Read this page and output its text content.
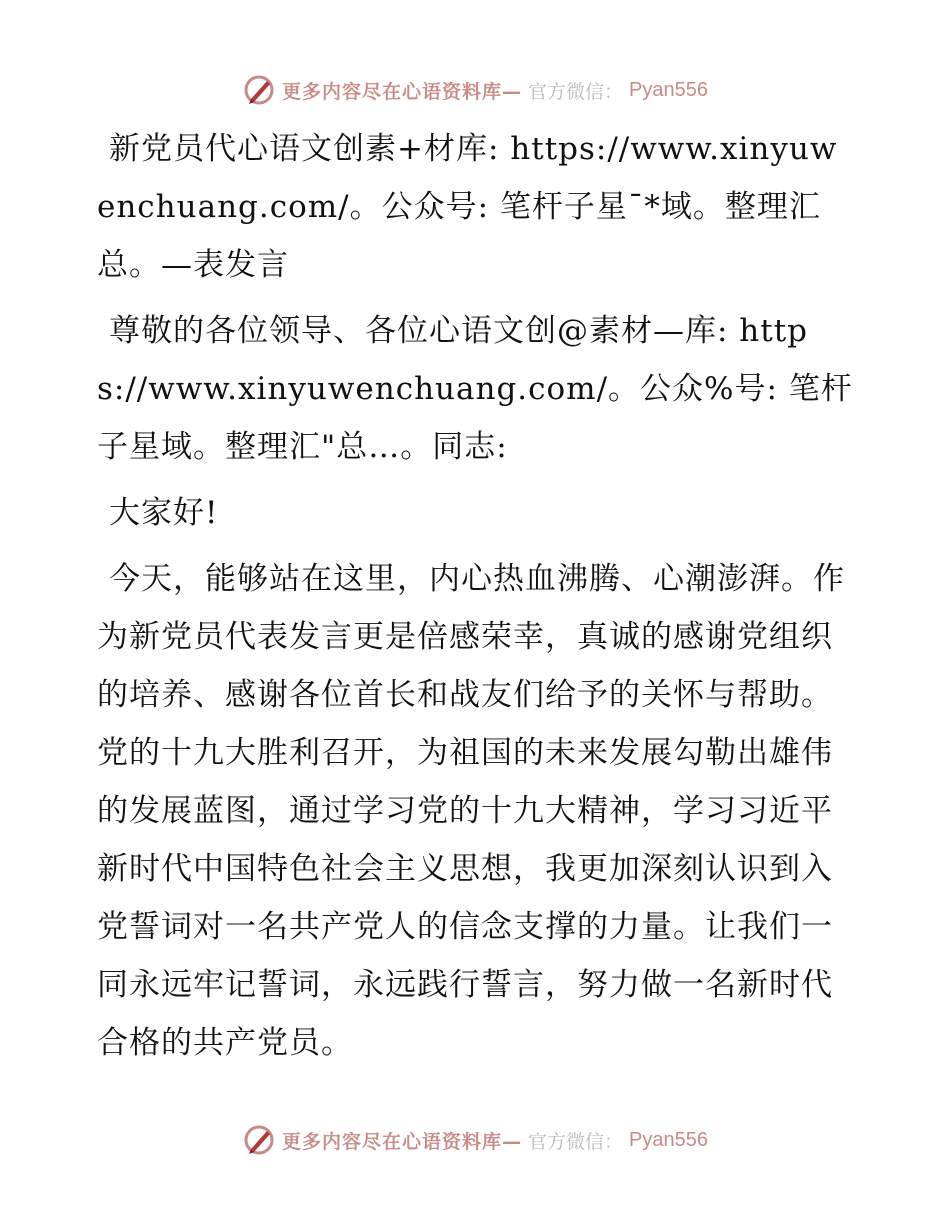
更多内容尽在心语资料库— 官方微信： Pyan556

新党员代心语文创素+材库: https://www.xinyuwenchuang.com/。公众号: 笔杆子星¯*域。整理汇总。—表发言

尊敬的各位领导、各位心语文创@素材—库: https://www.xinyuwenchuang.com/。公众%号: 笔杆子星域。整理汇"总…。同志:

大家好!

今天，能够站在这里，内心热血沸腾、心潮澎湃。作为新党员代表发言更是倍感荣幸，真诚的感谢党组织的培养、感谢各位首长和战友们给予的关怀与帮助。党的十九大胜利召开，为祖国的未来发展勾勒出雄伟的发展蓝图，通过学习党的十九大精神，学习习近平新时代中国特色社会主义思想，我更加深刻认识到入党誓词对一名共产党人的信念支撑的力量。让我们一同永远牢记誓词，永远践行誓言，努力做一名新时代合格的共产党员。

更多内容尽在心语资料库— 官方微信： Pyan556
